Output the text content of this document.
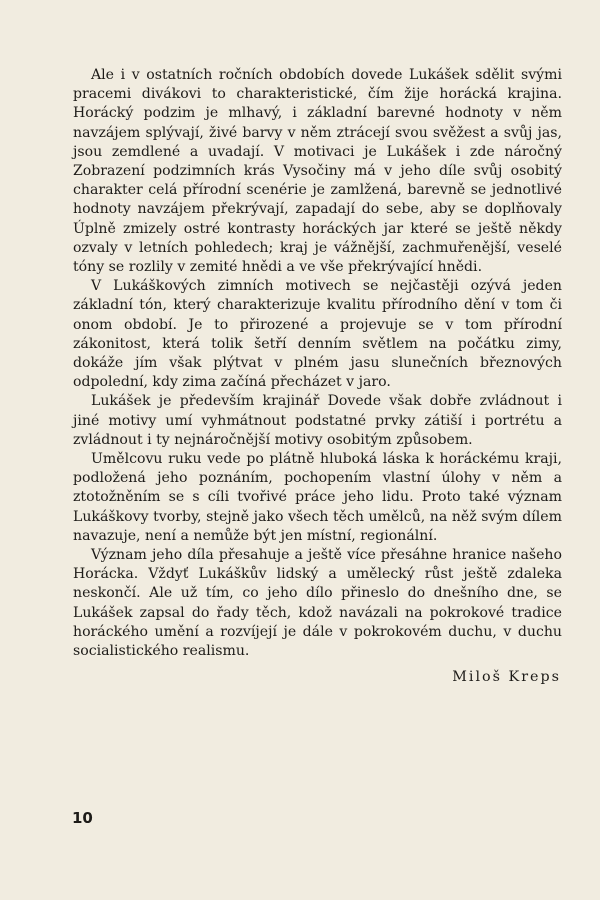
Ale i v ostatních ročních obdobích dovede Lukášek sdělit svými pracemi divákovi to charakteristické, čím žije horácká krajina. Horácký podzim je mlhavý, i základní barevné hodnoty v něm navzájem splývají, živé barvy v něm ztrácejí svou svěžest a svůj jas, jsou zemdlené a uvadají. V motivaci je Lukášek i zde náročný Zobrazení podzimních krás Vysočiny má v jeho díle svůj osobitý charakter celá přírodní scenérie je zamlžená, barevně se jednotlivé hodnoty navzájem překrývají, zapadají do sebe, aby se doplňovaly Úplně zmizely ostré kontrasty horáckých jar které se ještě někdy ozvaly v letních pohledech; kraj je vážnější, zachmuřenější, veselé tóny se rozlily v zemité hnědi a ve vše překrývající hnědi.

V Lukáškových zimních motivech se nejčastěji ozývá jeden základní tón, který charakterizuje kvalitu přírodního dění v tom či onom období. Je to přirozené a projevuje se v tom přírodní zákonitost, která tolik šetří denním světlem na počátku zimy, dokáže jím však plýtvat v plném jasu slunečních březnových odpolední, kdy zima začíná přecházet v jaro.

Lukášek je především krajinář Dovede však dobře zvládnout i jiné motivy umí vyhmátnout podstatné prvky zátiší i portrétu a zvládnout i ty nejnáročnější motivy osobitým způsobem.

Umělcovu ruku vede po plátně hluboká láska k horáckému kraji, podložená jeho poznáním, pochopením vlastní úlohy v něm a ztotožněním se s cíli tvořivé práce jeho lidu. Proto také význam Lukáškovy tvorby, stejně jako všech těch umělců, na něž svým dílem navazuje, není a nemůže být jen místní, regionální.

Význam jeho díla přesahuje a ještě více přesáhne hranice našeho Horácka. Vždyť Lukáškův lidský a umělecký růst ještě zdaleka neskončí. Ale už tím, co jeho dílo přineslo do dnešního dne, se Lukášek zapsal do řady těch, kdož navázali na pokrokové tradice horáckého umění a rozvíjejí je dále v pokrokovém duchu, v duchu socialistického realismu.

Miloš Kreps

10
